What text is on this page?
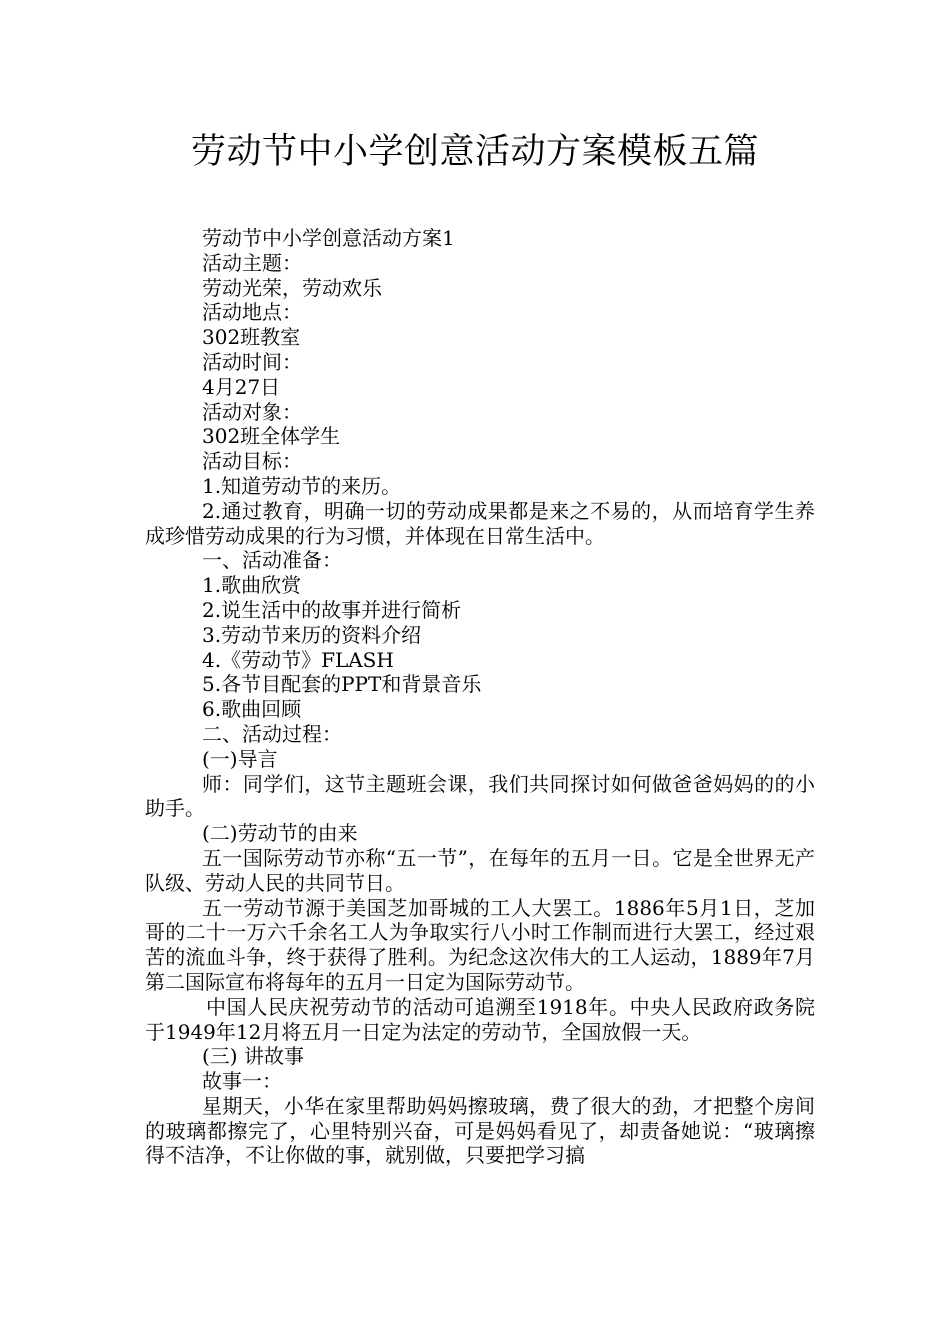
劳动节中小学创意活动方案模板五篇

劳动节中小学创意活动方案1

活动主题：

劳动光荣，劳动欢乐

活动地点：

302班教室

活动时间：

4月27日

活动对象：

302班全体学生

活动目标：

1.知道劳动节的来历。

2.通过教育，明确一切的劳动成果都是来之不易的，从而培育学生养成珍惜劳动成果的行为习惯，并体现在日常生活中。

一、活动准备：

1.歌曲欣赏

2.说生活中的故事并进行简析

3.劳动节来历的资料介绍

4.《劳动节》FLASH

5.各节目配套的PPT和背景音乐

6.歌曲回顾

二、活动过程：

(一)导言

师：同学们，这节主题班会课，我们共同探讨如何做爸爸妈妈的的小助手。

(二)劳动节的由来

五一国际劳动节亦称“五一节”，在每年的五月一日。它是全世界无产队级、劳动人民的共同节日。

五一劳动节源于美国芝加哥城的工人大罢工。1886年5月1日，芝加哥的二十一万六千余名工人为争取实行八小时工作制而进行大罢工，经过艰苦的流血斗争，终于获得了胜利。为纪念这次伟大的工人运动，1889年7月第二国际宣布将每年的五月一日定为国际劳动节。

中国人民庆祝劳动节的活动可追溯至1918年。中央人民政府政务院于1949年12月将五月一日定为法定的劳动节，全国放假一天。

(三) 讲故事

故事一：

星期天，小华在家里帮助妈妈擦玻璃，费了很大的劲，才把整个房间的玻璃都擦完了，心里特别兴奋，可是妈妈看见了，却责备她说：“玻璃擦得不洁净，不让你做的事，就别做，只要把学习搞
